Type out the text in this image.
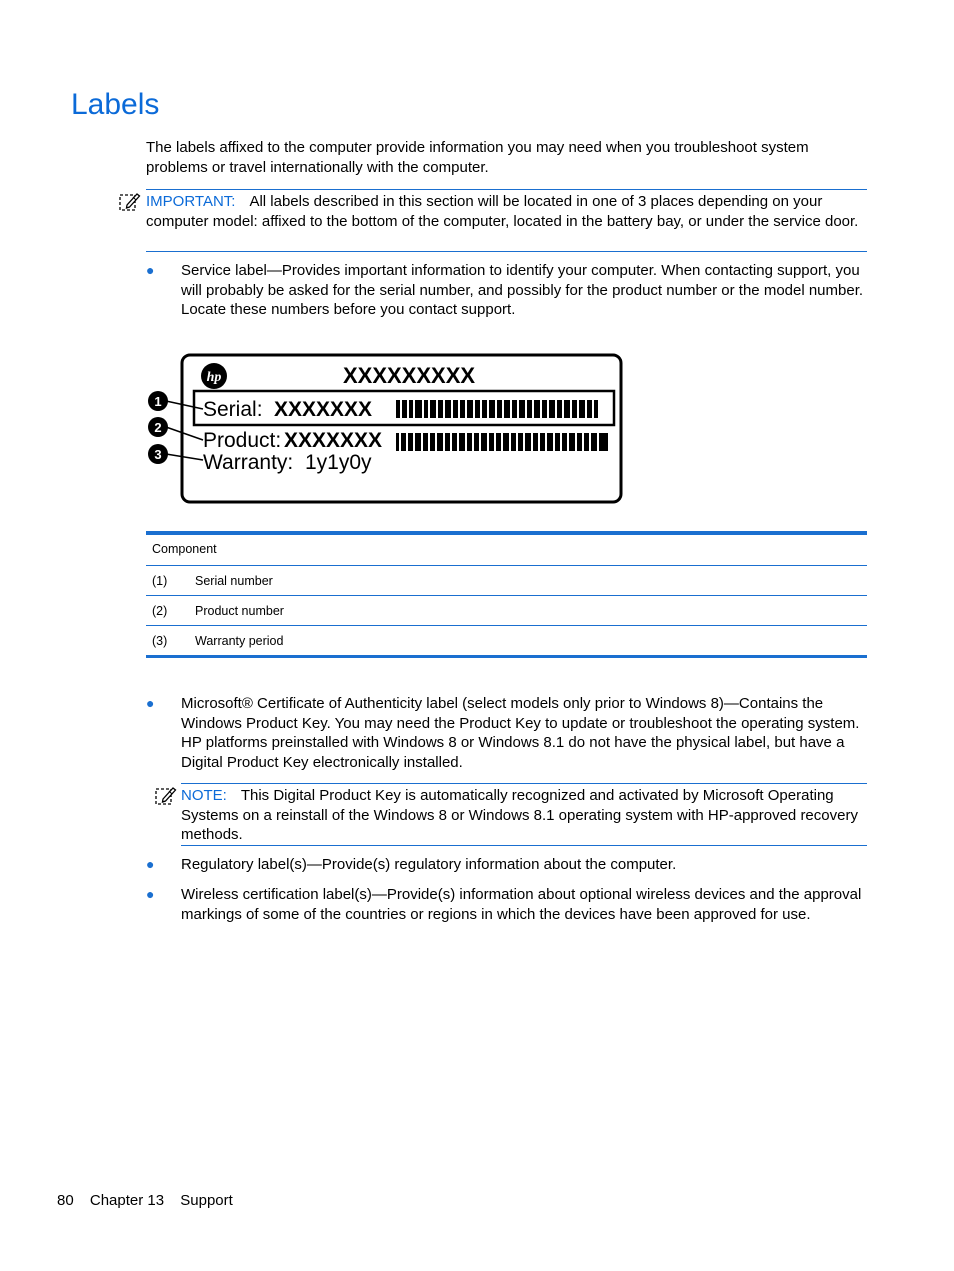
Labels
The labels affixed to the computer provide information you may need when you troubleshoot system problems or travel internationally with the computer.
IMPORTANT: All labels described in this section will be located in one of 3 places depending on your computer model: affixed to the bottom of the computer, located in the battery bay, or under the service door.
● Service label—Provides important information to identify your computer. When contacting support, you will probably be asked for the serial number, and possibly for the product number or the model number. Locate these numbers before you contact support.
hp	XXXXXXXXX
Serial: XXXXXXX
Product: XXXXXXX
Warranty: 1y1y0y
1
2
3
Component
(1) Serial number
(2) Product number
(3) Warranty period
● Microsoft® Certificate of Authenticity label (select models only prior to Windows 8)—Contains the Windows Product Key. You may need the Product Key to update or troubleshoot the operating system. HP platforms preinstalled with Windows 8 or Windows 8.1 do not have the physical label, but have a Digital Product Key electronically installed.
NOTE: This Digital Product Key is automatically recognized and activated by Microsoft Operating Systems on a reinstall of the Windows 8 or Windows 8.1 operating system with HP-approved recovery methods.
● Regulatory label(s)—Provide(s) regulatory information about the computer.
● Wireless certification label(s)—Provide(s) information about optional wireless devices and the approval markings of some of the countries or regions in which the devices have been approved for use.
80 Chapter 13 Support
